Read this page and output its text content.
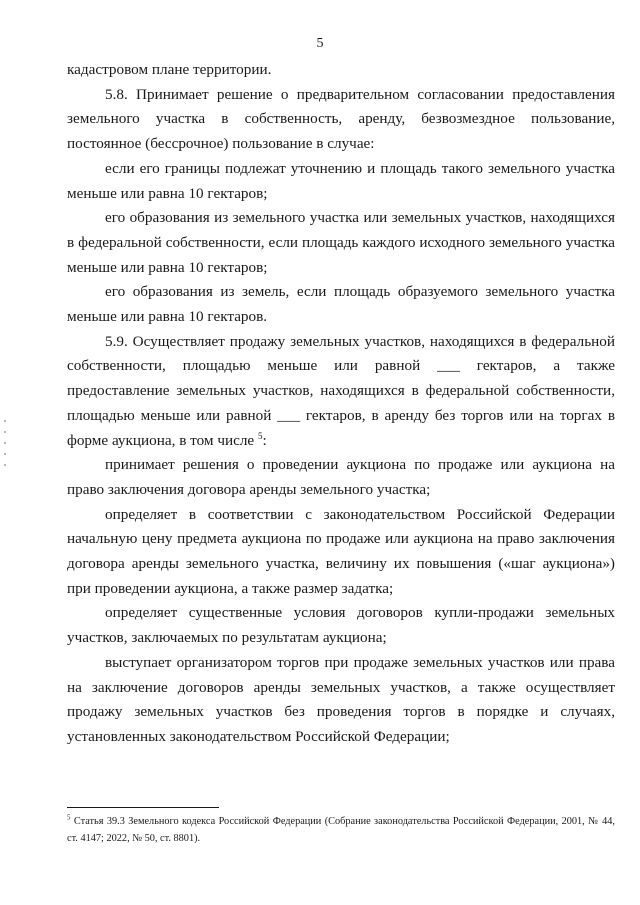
5

кадастровом плане территории.

5.8. Принимает решение о предварительном согласовании предоставления земельного участка в собственность, аренду, безвозмездное пользование, постоянное (бессрочное) пользование в случае:

если его границы подлежат уточнению и площадь такого земельного участка меньше или равна 10 гектаров;

его образования из земельного участка или земельных участков, находящихся в федеральной собственности, если площадь каждого исходного земельного участка меньше или равна 10 гектаров;

его образования из земель, если площадь образуемого земельного участка меньше или равна 10 гектаров.

5.9. Осуществляет продажу земельных участков, находящихся в федеральной собственности, площадью меньше или равной ___ гектаров, а также предоставление земельных участков, находящихся в федеральной собственности, площадью меньше или равной ___ гектаров, в аренду без торгов или на торгах в форме аукциона, в том числе $^5$:

принимает решения о проведении аукциона по продаже или аукциона на право заключения договора аренды земельного участка;

определяет в соответствии с законодательством Российской Федерации начальную цену предмета аукциона по продаже или аукциона на право заключения договора аренды земельного участка, величину их повышения («шаг аукциона») при проведении аукциона, а также размер задатка;

определяет существенные условия договоров купли-продажи земельных участков, заключаемых по результатам аукциона;

выступает организатором торгов при продаже земельных участков или права на заключение договоров аренды земельных участков, а также осуществляет продажу земельных участков без проведения торгов в порядке и случаях, установленных законодательством Российской Федерации;

$^5$ Статья 39.3 Земельного кодекса Российской Федерации (Собрание законодательства Российской Федерации, 2001, № 44, ст. 4147; 2022, № 50, ст. 8801).
